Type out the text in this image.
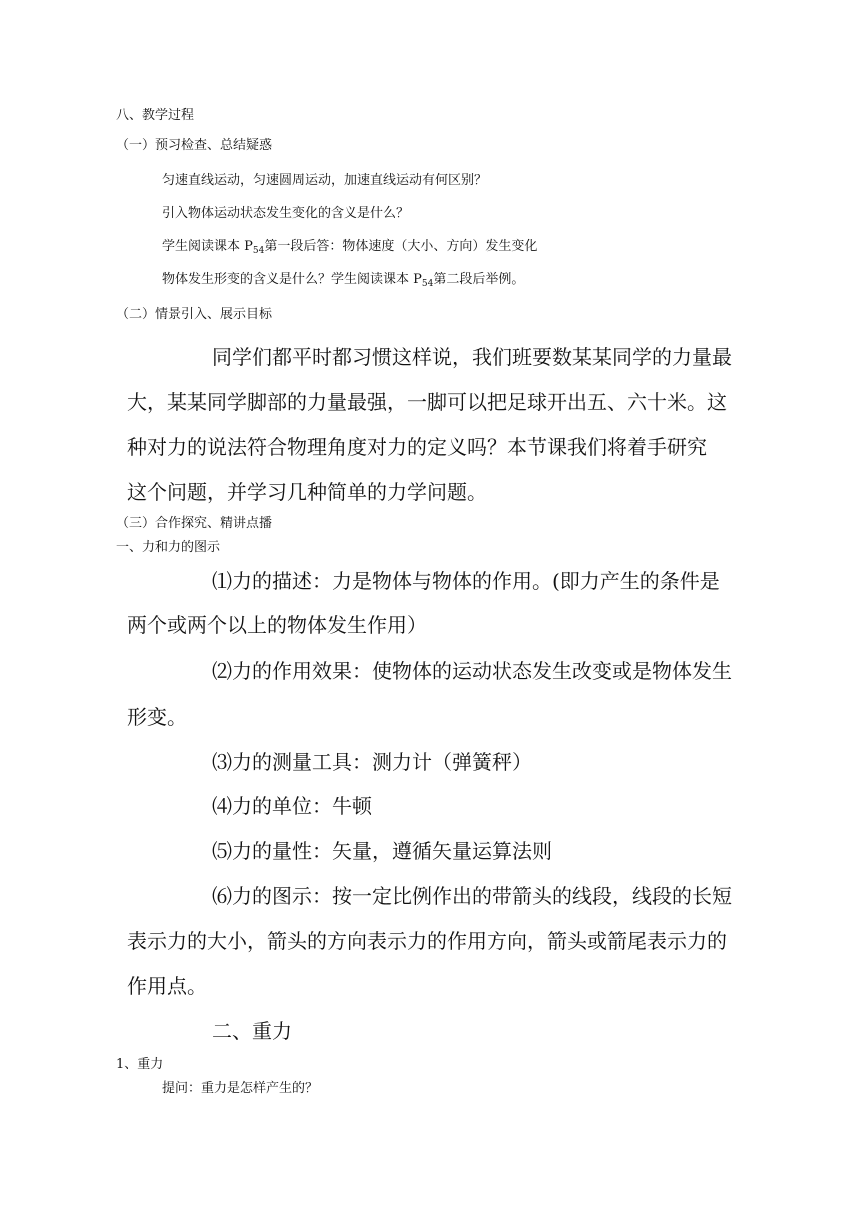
八、教学过程

（一）预习检查、总结疑惑

匀速直线运动，匀速圆周运动，加速直线运动有何区别？

引入物体运动状态发生变化的含义是什么？

学生阅读课本 $P_{54}$第一段后答：物体速度（大小、方向）发生变化

物体发生形变的含义是什么？学生阅读课本 $P_{54}$第二段后举例。

（二）情景引入、展示目标

同学们都平时都习惯这样说，我们班要数某某同学的力量最

大，某某同学脚部的力量最强，一脚可以把足球开出五、六十米。这

种对力的说法符合物理角度对力的定义吗？本节课我们将着手研究

这个问题，并学习几种简单的力学问题。

（三）合作探究、精讲点播

一、力和力的图示

⑴力的描述：力是物体与物体的作用。(即力产生的条件是

两个或两个以上的物体发生作用）

⑵力的作用效果：使物体的运动状态发生改变或是物体发生

形变。

⑶力的测量工具：测力计（弹簧秤）

⑷力的单位：牛顿

⑸力的量性：矢量，遵循矢量运算法则

⑹力的图示：按一定比例作出的带箭头的线段，线段的长短

表示力的大小，箭头的方向表示力的作用方向，箭头或箭尾表示力的

作用点。

二、重力

1、重力

提问：重力是怎样产生的？
